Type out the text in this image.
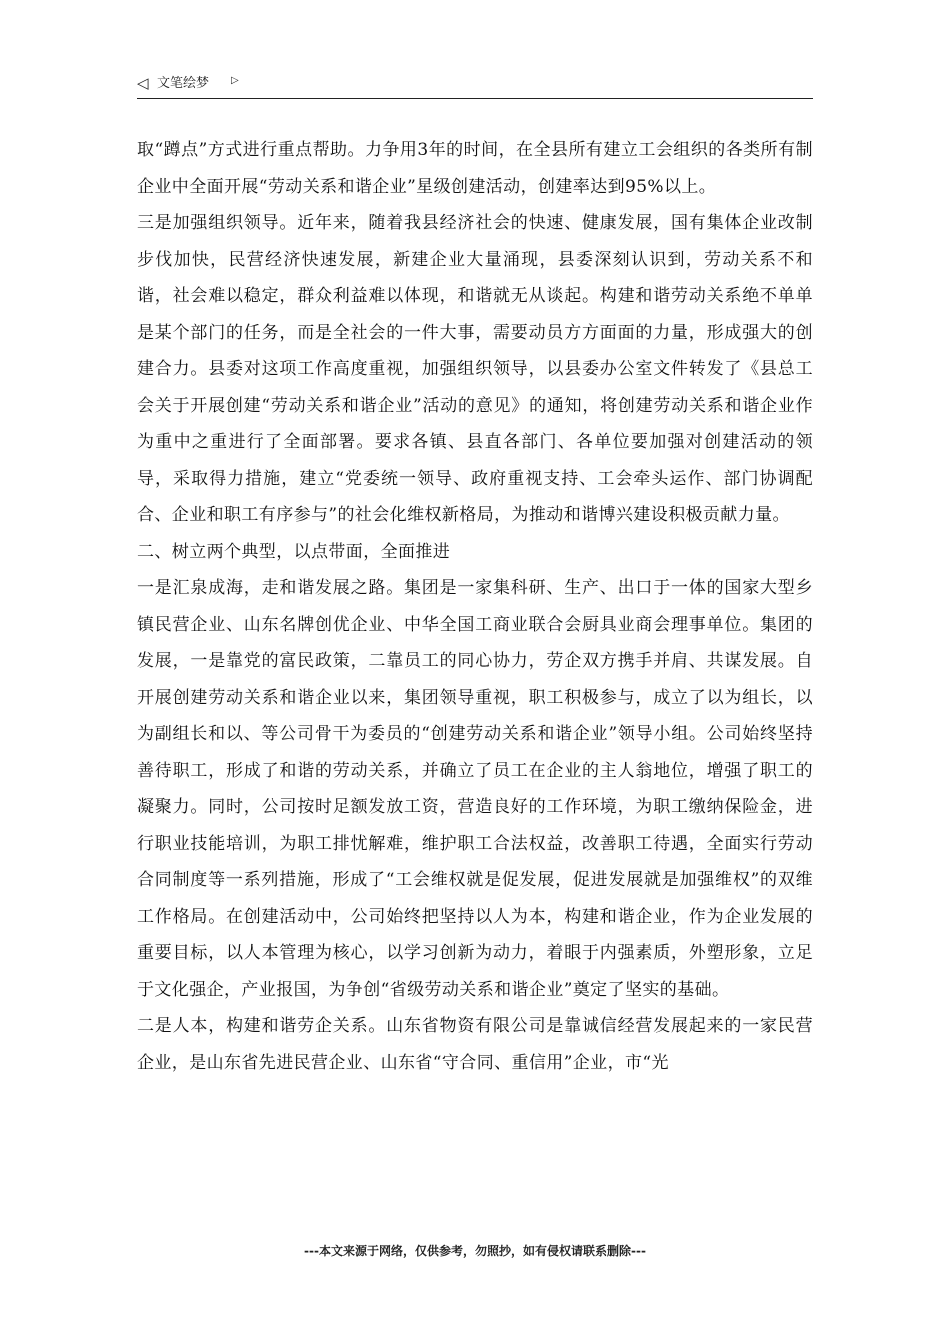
◁ 文笔绘梦 ▷

取“蹲点”方式进行重点帮助。力争用3年的时间，在全县所有建立工会组织的各类所有制企业中全面开展“劳动关系和谐企业”星级创建活动，创建率达到95%以上。

三是加强组织领导。近年来，随着我县经济社会的快速、健康发展，国有集体企业改制步伐加快，民营经济快速发展，新建企业大量涌现，县委深刻认识到，劳动关系不和谐，社会难以稳定，群众利益难以体现，和谐就无从谈起。构建和谐劳动关系绝不单单是某个部门的任务，而是全社会的一件大事，需要动员方方面面的力量，形成强大的创建合力。县委对这项工作高度重视，加强组织领导，以县委办公室文件转发了《县总工会关于开展创建“劳动关系和谐企业”活动的意见》的通知，将创建劳动关系和谐企业作为重中之重进行了全面部署。要求各镇、县直各部门、各单位要加强对创建活动的领导，采取得力措施，建立“党委统一领导、政府重视支持、工会牵头运作、部门协调配合、企业和职工有序参与”的社会化维权新格局，为推动和谐博兴建设积极贡献力量。

二、树立两个典型，以点带面，全面推进

一是汇泉成海，走和谐发展之路。集团是一家集科研、生产、出口于一体的国家大型乡镇民营企业、山东名牌创优企业、中华全国工商业联合会厨具业商会理事单位。集团的发展，一是靠党的富民政策，二靠员工的同心协力，劳企双方携手并肩、共谋发展。自开展创建劳动关系和谐企业以来，集团领导重视，职工积极参与，成立了以为组长，以为副组长和以、等公司骨干为委员的“创建劳动关系和谐企业”领导小组。公司始终坚持善待职工，形成了和谐的劳动关系，并确立了员工在企业的主人翁地位，增强了职工的凝聚力。同时，公司按时足额发放工资，营造良好的工作环境，为职工缴纳保险金，进行职业技能培训，为职工排忧解难，维护职工合法权益，改善职工待遇，全面实行劳动合同制度等一系列措施，形成了“工会维权就是促发展，促进发展就是加强维权”的双维工作格局。在创建活动中，公司始终把坚持以人为本，构建和谐企业，作为企业发展的重要目标，以人本管理为核心，以学习创新为动力，着眼于内强素质，外塑形象，立足于文化强企，产业报国，为争创“省级劳动关系和谐企业”奠定了坚实的基础。

二是人本，构建和谐劳企关系。山东省物资有限公司是靠诚信经营发展起来的一家民营企业，是山东省先进民营企业、山东省“守合同、重信用”企业，市“光

---本文来源于网络，仅供参考，勿照抄，如有侵权请联系删除---
